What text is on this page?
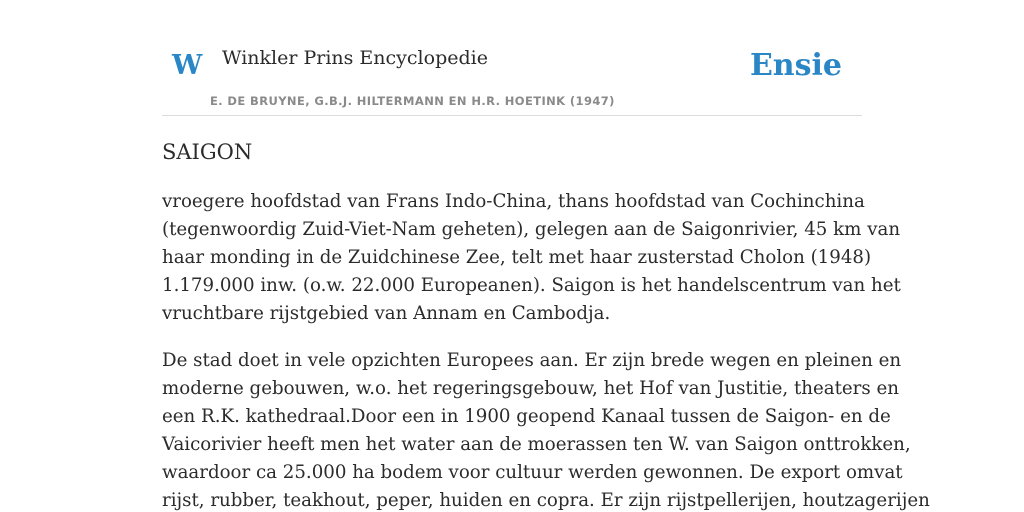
W Winkler Prins Encyclopedie
E. DE BRUYNE, G.B.J. HILTERMANN EN H.R. HOETINK (1947)
Ensie
SAIGON

vroegere hoofdstad van Frans Indo-China, thans hoofdstad van Cochinchina
(tegenwoordig Zuid-Viet-Nam geheten), gelegen aan de Saigonrivier, 45 km van
haar monding in de Zuidchinese Zee, telt met haar zusterstad Cholon (1948)
1.179.000 inw. (o.w. 22.000 Europeanen). Saigon is het handelscentrum van het
vruchtbare rijstgebied van Annam en Cambodja.

De stad doet in vele opzichten Europees aan. Er zijn brede wegen en pleinen en
moderne gebouwen, w.o. het regeringsgebouw, het Hof van Justitie, theaters en
een R.K. kathedraal.Door een in 1900 geopend Kanaal tussen de Saigon- en de
Vaicorivier heeft men het water aan de moerassen ten W. van Saigon onttrokken,
waardoor ca 25.000 ha bodem voor cultuur werden gewonnen. De export omvat
rijst, rubber, teakhout, peper, huiden en copra. Er zijn rijstpellerijen, houtzagerijen
